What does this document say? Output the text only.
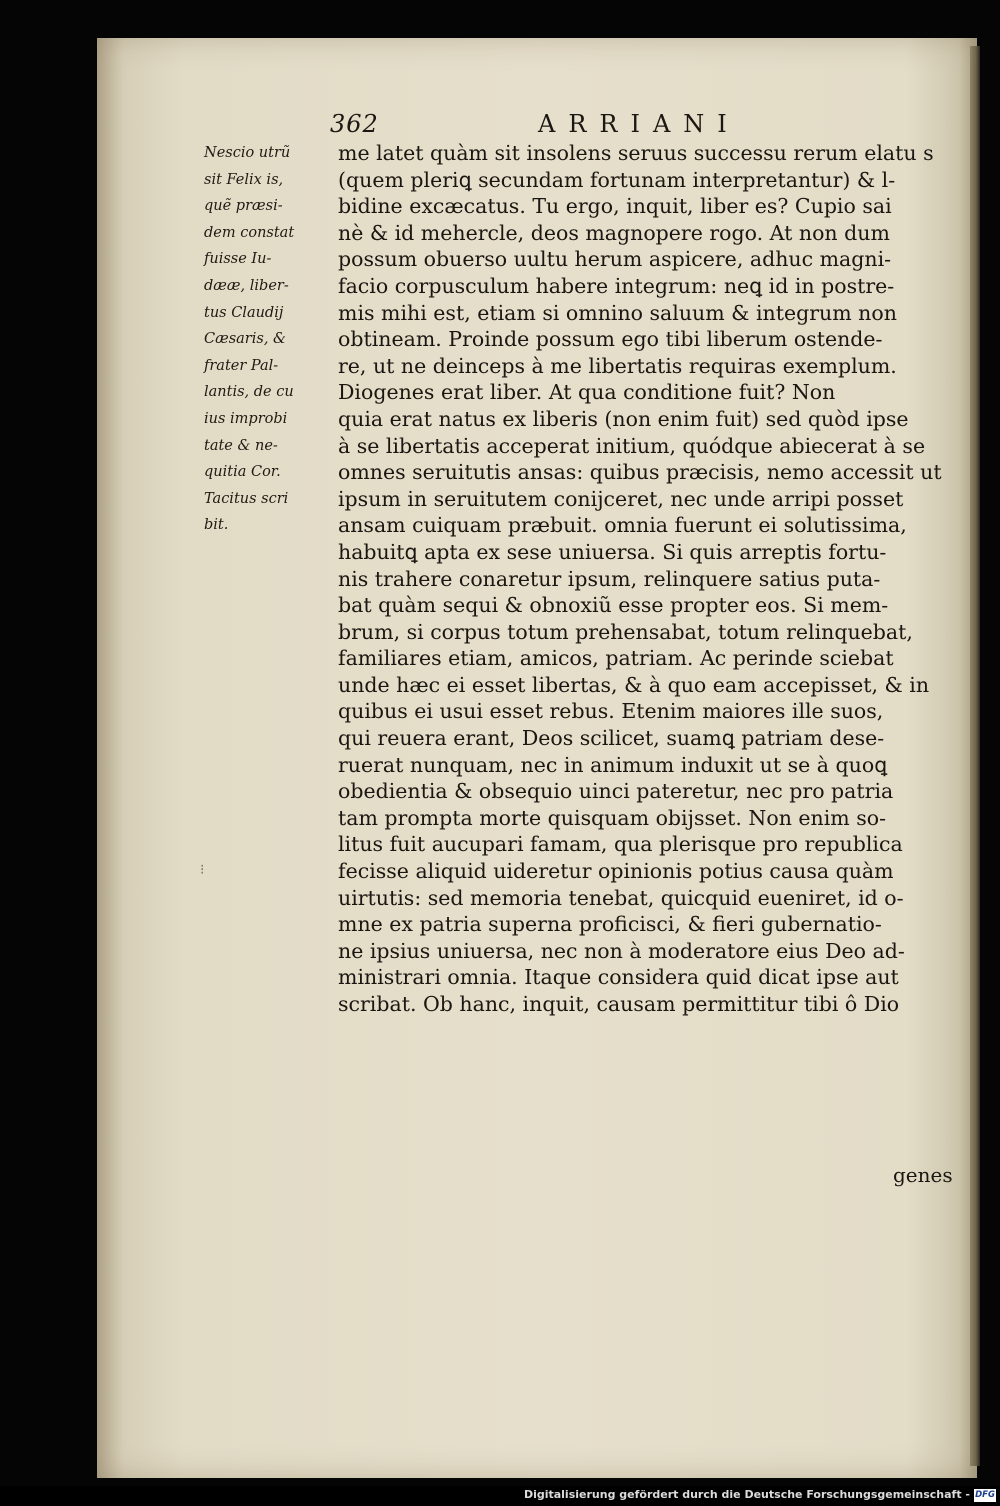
362	ARRIANI
Nescio utrũ
sit Felix is,
quẽ præsi-
dem constat
fuisse Iu-
dææ, liber-
tus Claudij
Cæsaris, &
frater Pal-
lantis, de cu
ius improbi
tate & ne-
quitia Cor.
Tacitus scri
bit.
me latet quàm sit insolens seruus successu rerum elatu s
(quem pleriꝗ secundam fortunam interpretantur) & l-
bidine excæcatus. Tu ergo, inquit, liber es? Cupio sai
nè & id mehercle, deos magnopere rogo. At non dum
possum obuerso uultu herum aspicere, adhuc magni-
facio corpusculum habere integrum: neꝗ id in postre-
mis mihi est, etiam si omnino saluum & integrum non
obtineam. Proinde possum ego tibi liberum ostende-
re, ut ne deinceps à me libertatis requiras exemplum.
Diogenes erat liber. At qua conditione fuit? Non
quia erat natus ex liberis (non enim fuit) sed quòd ipse
à se libertatis acceperat initium, quódque abiecerat à se
omnes seruitutis ansas: quibus præcisis, nemo accessit ut
ipsum in seruitutem conijceret, nec unde arripi posset
ansam cuiquam præbuit. omnia fuerunt ei solutissima,
habuitꝗ apta ex sese uniuersa. Si quis arreptis fortu-
nis trahere conaretur ipsum, relinquere satius puta-
bat quàm sequi & obnoxiũ esse propter eos. Si mem-
brum, si corpus totum prehensabat, totum relinquebat,
familiares etiam, amicos, patriam. Ac perinde sciebat
unde hæc ei esset libertas, & à quo eam accepisset, & in
quibus ei usui esset rebus. Etenim maiores ille suos,
qui reuera erant, Deos scilicet, suamꝗ patriam dese-
ruerat nunquam, nec in animum induxit ut se à quoꝗ
obedientia & obsequio uinci pateretur, nec pro patria
tam prompta morte quisquam obijsset. Non enim so-
litus fuit aucupari famam, qua plerisque pro republica
fecisse aliquid uideretur opinionis potius causa quàm
uirtutis: sed memoria tenebat, quicquid eueniret, id o-
mne ex patria superna proficisci, & fieri gubernatio-
ne ipsius uniuersa, nec non à moderatore eius Deo ad-
ministrari omnia. Itaque considera quid dicat ipse aut
scribat. Ob hanc, inquit, causam permittitur tibi ô Dio
genes
⁝
Digitalisierung gefördert durch die Deutsche Forschungsgemeinschaft - DFG
